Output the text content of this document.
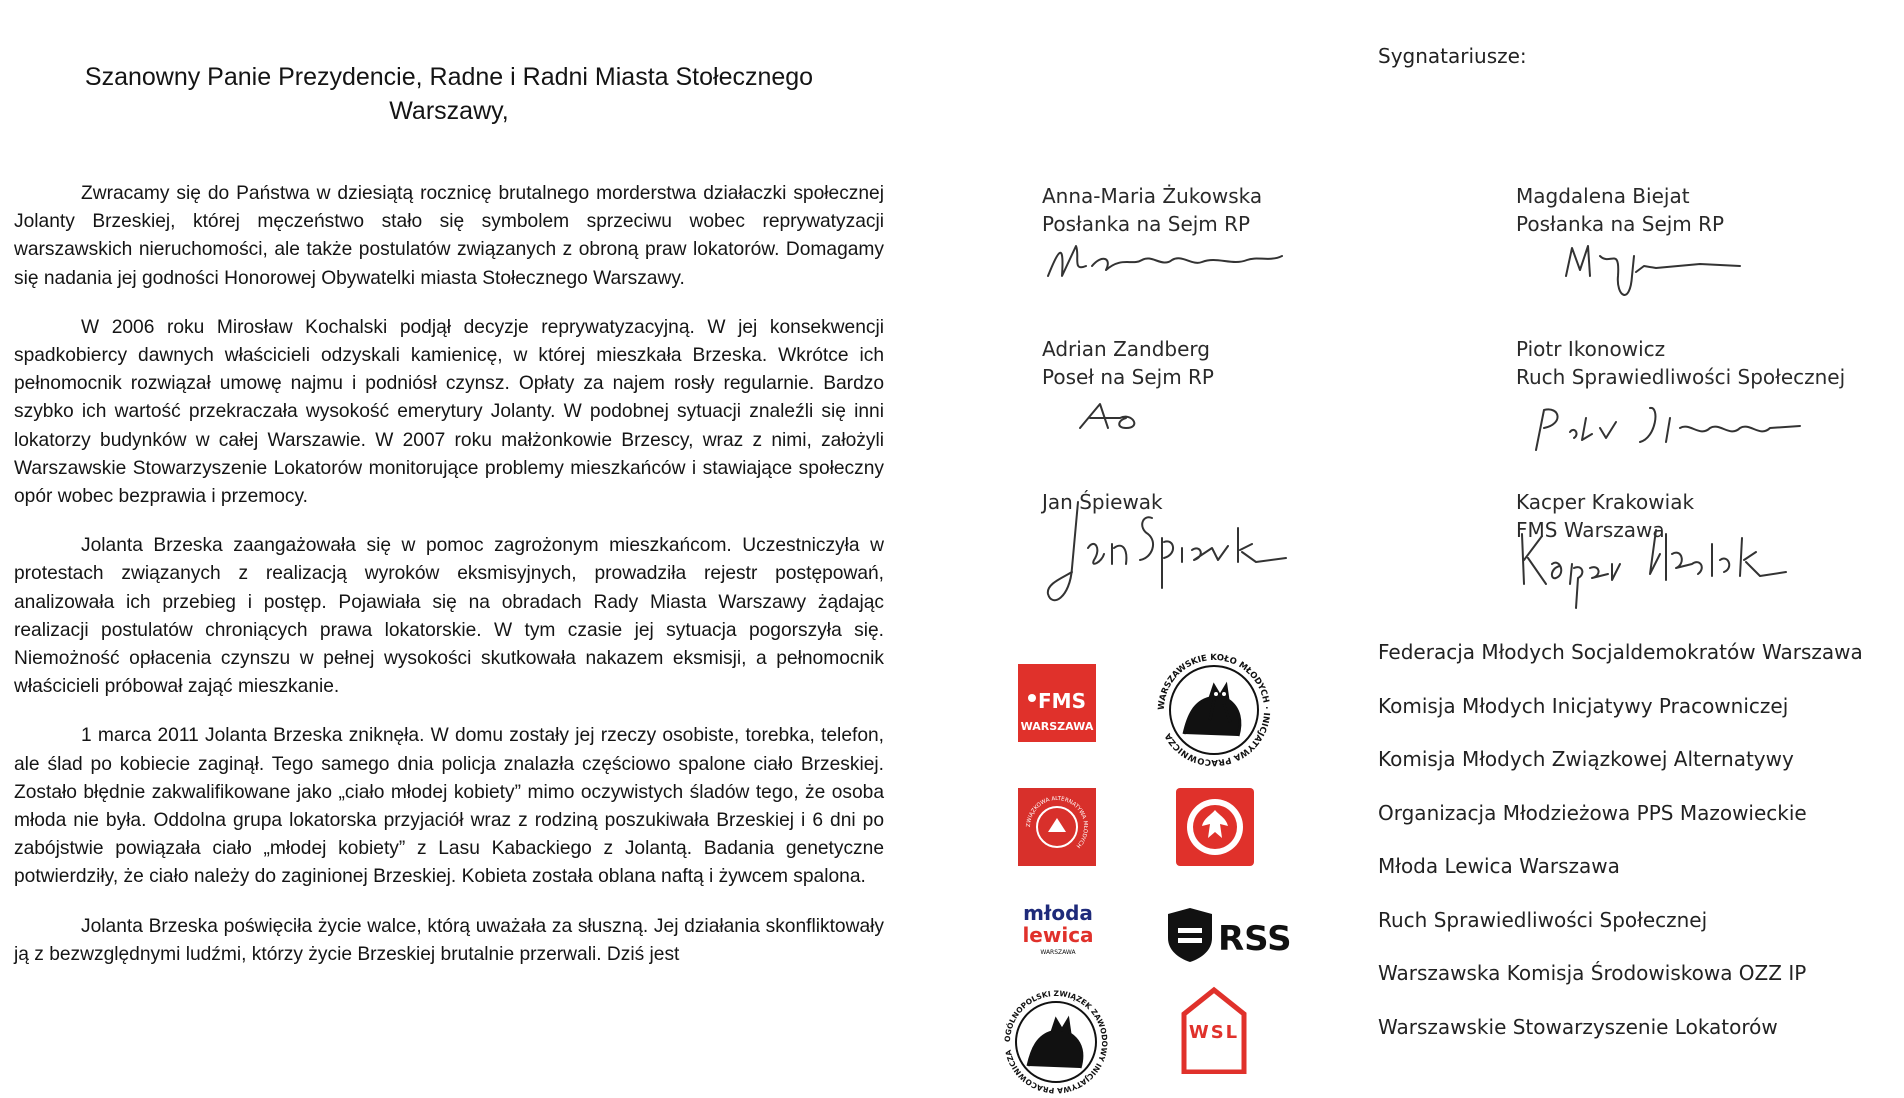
Szanowny Panie Prezydencie, Radne i Radni Miasta Stołecznego
Warszawy,

Zwracamy się do Państwa w dziesiątą rocznicę brutalnego morderstwa działaczki społecznej Jolanty Brzeskiej, której męczeństwo stało się symbolem sprzeciwu wobec reprywatyzacji warszawskich nieruchomości, ale także postulatów związanych z obroną praw lokatorów. Domagamy się nadania jej godności Honorowej Obywatelki miasta Stołecznego Warszawy.

W 2006 roku Mirosław Kochalski podjął decyzje reprywatyzacyjną. W jej konsekwencji spadkobiercy dawnych właścicieli odzyskali kamienicę, w której mieszkała Brzeska. Wkrótce ich pełnomocnik rozwiązał umowę najmu i podniósł czynsz. Opłaty za najem rosły regularnie. Bardzo szybko ich wartość przekraczała wysokość emerytury Jolanty. W podobnej sytuacji znaleźli się inni lokatorzy budynków w całej Warszawie. W 2007 roku małżonkowie Brzescy, wraz z nimi, założyli Warszawskie Stowarzyszenie Lokatorów monitorujące problemy mieszkańców i stawiające społeczny opór wobec bezprawia i przemocy.

Jolanta Brzeska zaangażowała się w pomoc zagrożonym mieszkańcom. Uczestniczyła w protestach związanych z realizacją wyroków eksmisyjnych, prowadziła rejestr postępowań, analizowała ich przebieg i postęp. Pojawiała się na obradach Rady Miasta Warszawy żądając realizacji postulatów chroniących prawa lokatorskie. W tym czasie jej sytuacja pogorszyła się. Niemożność opłacenia czynszu w pełnej wysokości skutkowała nakazem eksmisji, a pełnomocnik właścicieli próbował zająć mieszkanie.

1 marca 2011 Jolanta Brzeska zniknęła. W domu zostały jej rzeczy osobiste, torebka, telefon, ale ślad po kobiecie zaginął. Tego samego dnia policja znalazła częściowo spalone ciało Brzeskiej. Zostało błędnie zakwalifikowane jako „ciało młodej kobiety” mimo oczywistych śladów tego, że osoba młoda nie była. Oddolna grupa lokatorska przyjaciół wraz z rodziną poszukiwała Brzeskiej i 6 dni po zabójstwie powiązała ciało „młodej kobiety” z Lasu Kabackiego z Jolantą. Badania genetyczne potwierdziły, że ciało należy do zaginionej Brzeskiej. Kobieta została oblana naftą i żywcem spalona.

Jolanta Brzeska poświęciła życie walce, którą uważała za słuszną. Jej działania skonfliktowały ją z bezwzględnymi ludźmi, którzy życie Brzeskiej brutalnie przerwali. Dziś jest

Sygnatariusze:
Anna-Maria Żukowska
Posłanka na Sejm RP
Magdalena Biejat
Posłanka na Sejm RP
Adrian Zandberg
Poseł na Sejm RP
Piotr Ikonowicz
Ruch Sprawiedliwości Społecznej
Jan Śpiewak	Kacper Krakowiak
FMS Warszawa
Federacja Młodych Socjaldemokratów Warszawa
Komisja Młodych Inicjatywy Pracowniczej
Komisja Młodych Związkowej Alternatywy
Organizacja Młodzieżowa PPS Mazowieckie
Młoda Lewica Warszawa
Ruch Sprawiedliwości Społecznej
Warszawska Komisja Środowiskowa OZZ IP
Warszawskie Stowarzyszenie Lokatorów
FMS
WARSZAWA
WARSZAWSKIE KOŁO MŁODYCH · INICJATYWA PRACOWNICZA
ZWIĄZKOWA ALTERNATYWA MŁODYCH
młoda
lewica
WARSZAWA	RSS
OGÓLNOPOLSKI ZWIĄZEK ZAWODOWY INICJATYWA PRACOWNICZA
WSL
